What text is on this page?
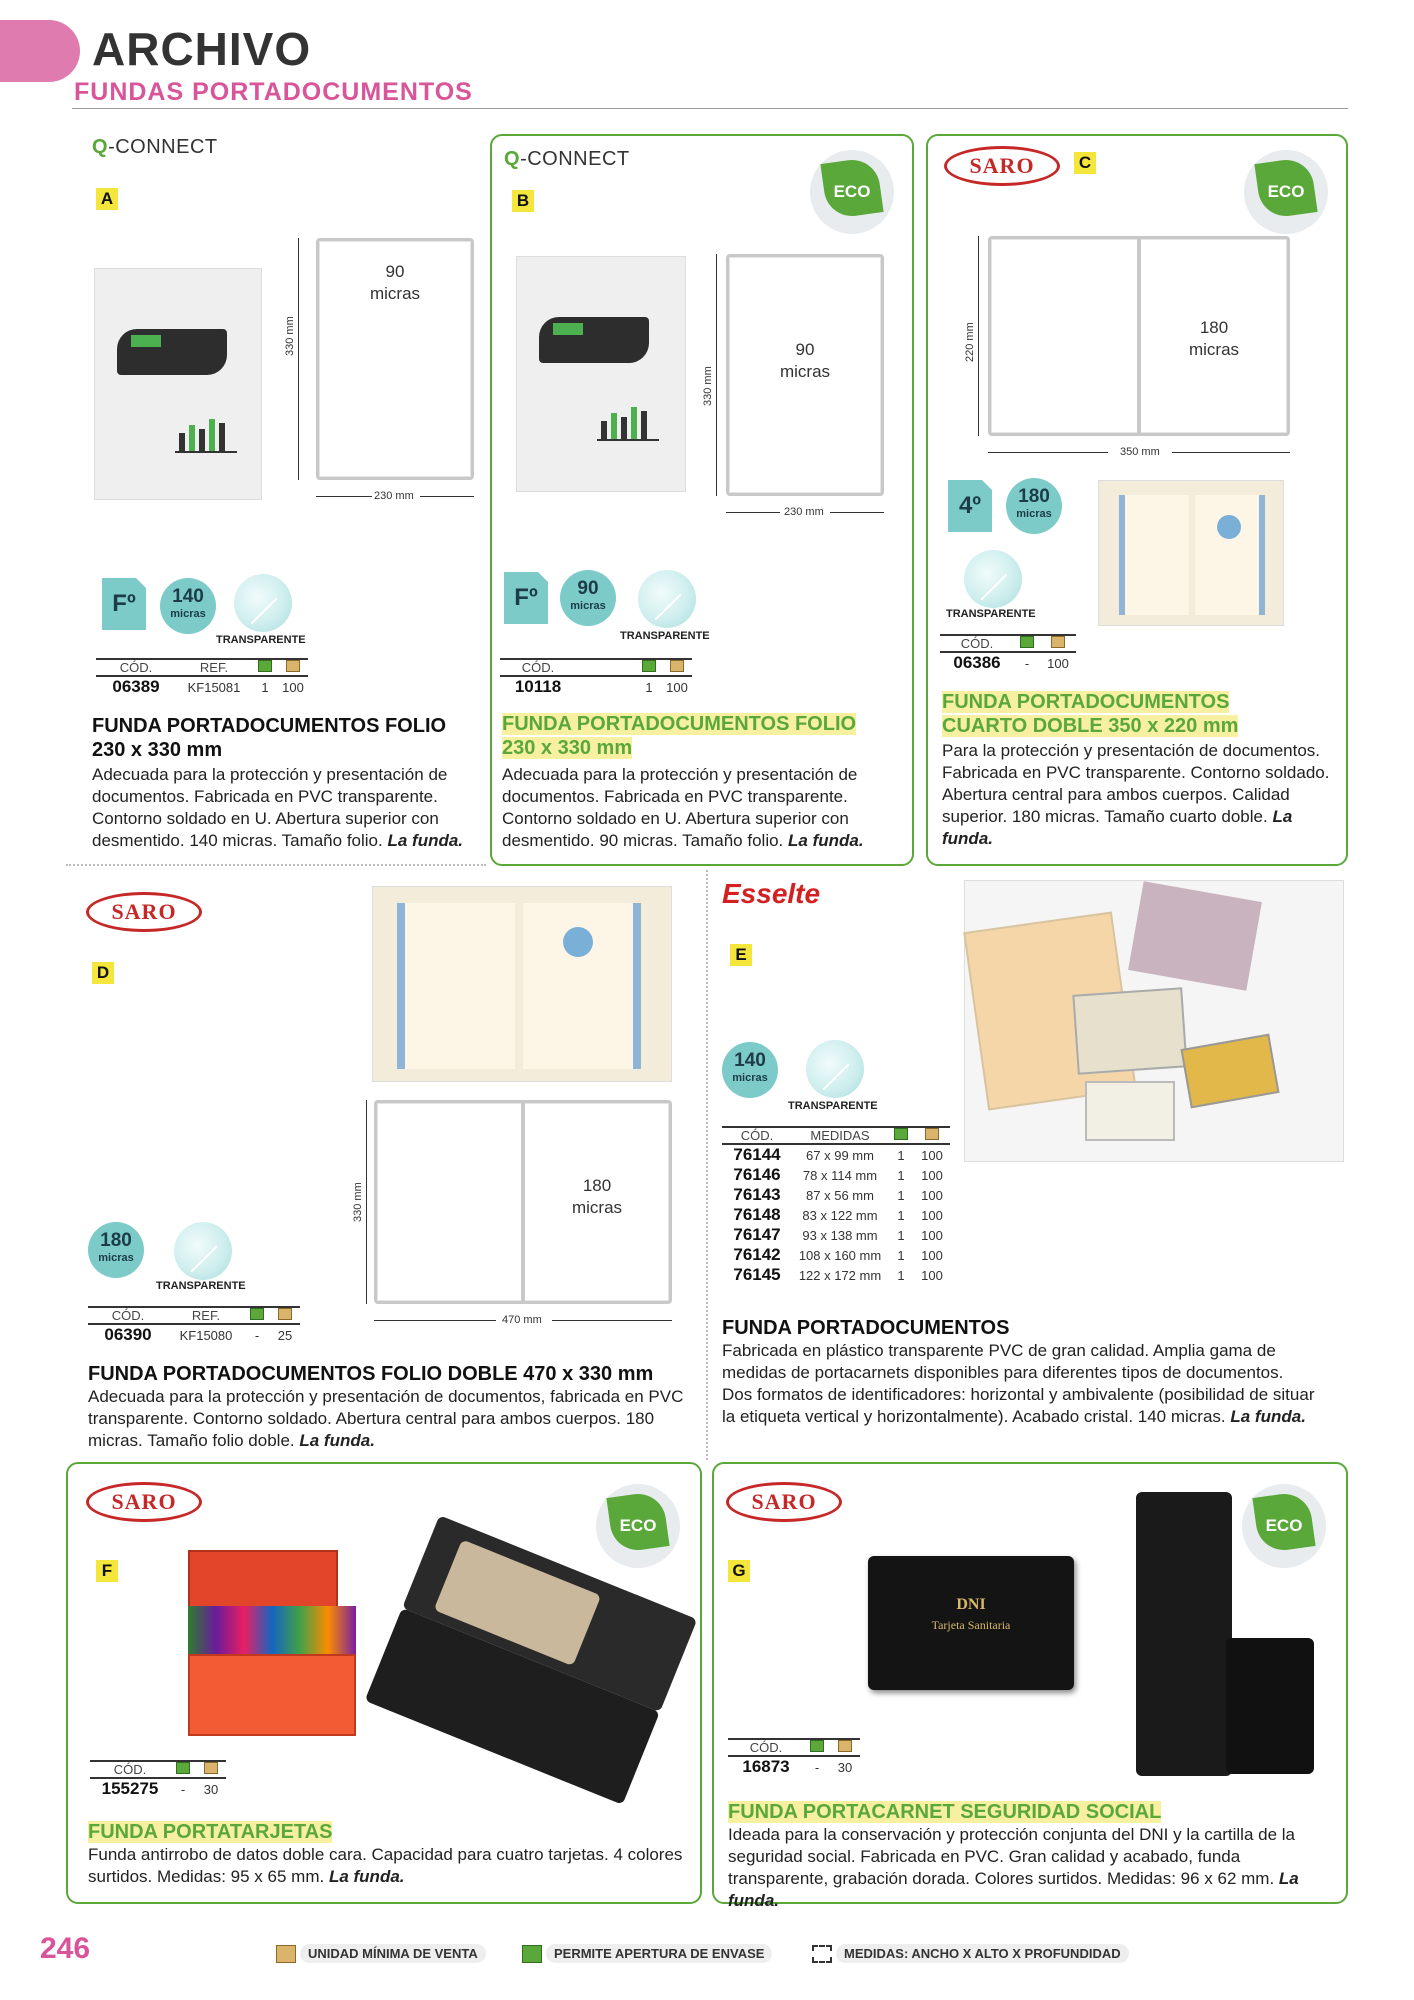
ARCHIVO
FUNDAS PORTADOCUMENTOS
Q-CONNECT
A
90
micras
330 mm
230 mm
Fº	140
micras
TRANSPARENTE
CÓD.	REF.		
06389	KF15081	1	100
FUNDA PORTADOCUMENTOS FOLIO 230 x 330 mm
Adecuada para la protección y presentación de documentos. Fabricada en PVC transparente. Contorno soldado en U. Abertura superior con desmentido. 140 micras. Tamaño folio. La funda.
Q-CONNECT
ECO
B
90
micras
330 mm
230 mm
Fº	90
micras
TRANSPARENTE
CÓD.			
10118		1	100
FUNDA PORTADOCUMENTOS FOLIO
230 x 330 mm
Adecuada para la protección y presentación de documentos. Fabricada en PVC transparente. Contorno soldado en U. Abertura superior con desmentido. 90 micras. Tamaño folio. La funda.
SARO	C
ECO
180
micras
220 mm
350 mm
4º	180
micras
TRANSPARENTE
CÓD.		
06386	-	100
FUNDA PORTADOCUMENTOS
CUARTO DOBLE 350 x 220 mm
Para la protección y presentación de documentos. Fabricada en PVC transparente. Contorno soldado. Abertura central para ambos cuerpos. Calidad superior. 180 micras. Tamaño cuarto doble. La funda.
SARO
D
180
micras
330 mm
470 mm
180
micras
TRANSPARENTE
CÓD.	REF.		
06390	KF15080	-	25
FUNDA PORTADOCUMENTOS FOLIO DOBLE 470 x 330 mm
Adecuada para la protección y presentación de documentos, fabricada en PVC transparente. Contorno soldado. Abertura central para ambos cuerpos. 180 micras. Tamaño folio doble. La funda.
Esselte
E
140
micras
TRANSPARENTE
CÓD.	MEDIDAS		
76144	67 x 99 mm	1	100
76146	78 x 114 mm	1	100
76143	87 x 56 mm	1	100
76148	83 x 122 mm	1	100
76147	93 x 138 mm	1	100
76142	108 x 160 mm	1	100
76145	122 x 172 mm	1	100
FUNDA PORTADOCUMENTOS
Fabricada en plástico transparente PVC de gran calidad. Amplia gama de medidas de portacarnets disponibles para diferentes tipos de documentos. Dos formatos de identificadores: horizontal y ambivalente (posibilidad de situar la etiqueta vertical y horizontalmente). Acabado cristal. 140 micras. La funda.
SARO
ECO
F
CÓD.		
155275	-	30
FUNDA PORTATARJETAS
Funda antirrobo de datos doble cara. Capacidad para cuatro tarjetas. 4 colores surtidos. Medidas: 95 x 65 mm. La funda.
SARO
ECO
G
DNI
Tarjeta Sanitaria
CÓD.		
16873	-	30
FUNDA PORTACARNET SEGURIDAD SOCIAL
Ideada para la conservación y protección conjunta del DNI y la cartilla de la seguridad social. Fabricada en PVC. Gran calidad y acabado, funda transparente, grabación dorada. Colores surtidos. Medidas: 96 x 62 mm. La funda.
246	UNIDAD MÍNIMA DE VENTA	PERMITE APERTURA DE ENVASE	MEDIDAS: ANCHO X ALTO X PROFUNDIDAD
